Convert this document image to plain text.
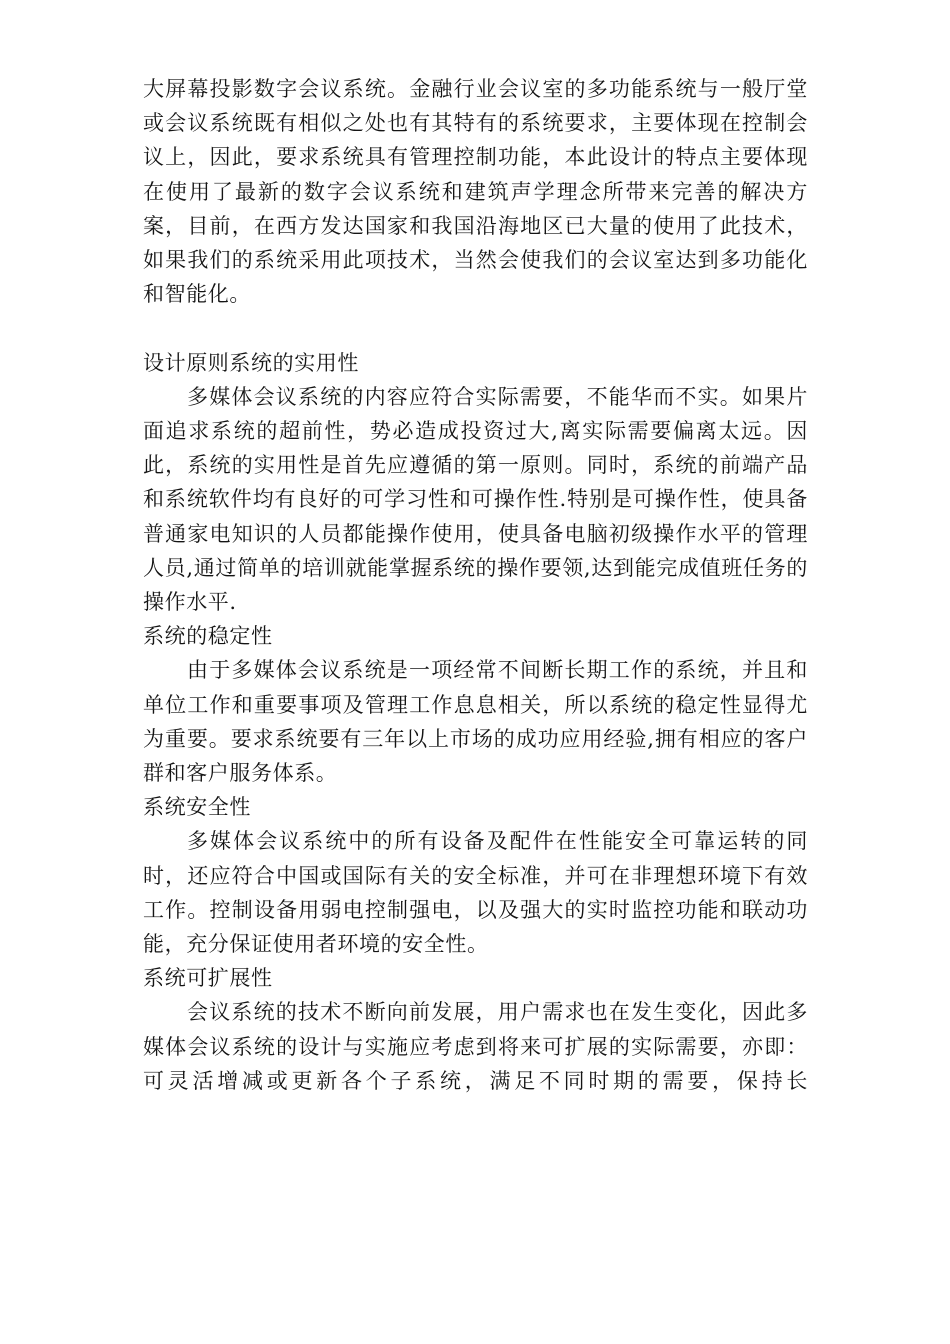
大屏幕投影数字会议系统。金融行业会议室的多功能系统与一般厅堂或会议系统既有相似之处也有其特有的系统要求，主要体现在控制会议上，因此，要求系统具有管理控制功能，本此设计的特点主要体现在使用了最新的数字会议系统和建筑声学理念所带来完善的解决方案，目前，在西方发达国家和我国沿海地区已大量的使用了此技术，如果我们的系统采用此项技术，当然会使我们的会议室达到多功能化和智能化。

设计原则系统的实用性

多媒体会议系统的内容应符合实际需要，不能华而不实。如果片面追求系统的超前性，势必造成投资过大,离实际需要偏离太远。因此，系统的实用性是首先应遵循的第一原则。同时，系统的前端产品和系统软件均有良好的可学习性和可操作性.特别是可操作性，使具备普通家电知识的人员都能操作使用，使具备电脑初级操作水平的管理人员,通过简单的培训就能掌握系统的操作要领,达到能完成值班任务的操作水平.

系统的稳定性

由于多媒体会议系统是一项经常不间断长期工作的系统，并且和单位工作和重要事项及管理工作息息相关，所以系统的稳定性显得尤为重要。要求系统要有三年以上市场的成功应用经验,拥有相应的客户群和客户服务体系。

系统安全性

多媒体会议系统中的所有设备及配件在性能安全可靠运转的同时，还应符合中国或国际有关的安全标准，并可在非理想环境下有效工作。控制设备用弱电控制强电，以及强大的实时监控功能和联动功能，充分保证使用者环境的安全性。

系统可扩展性

会议系统的技术不断向前发展，用户需求也在发生变化，因此多媒体会议系统的设计与实施应考虑到将来可扩展的实际需要，亦即：可灵活增减或更新各个子系统，满足不同时期的需要，保持长
